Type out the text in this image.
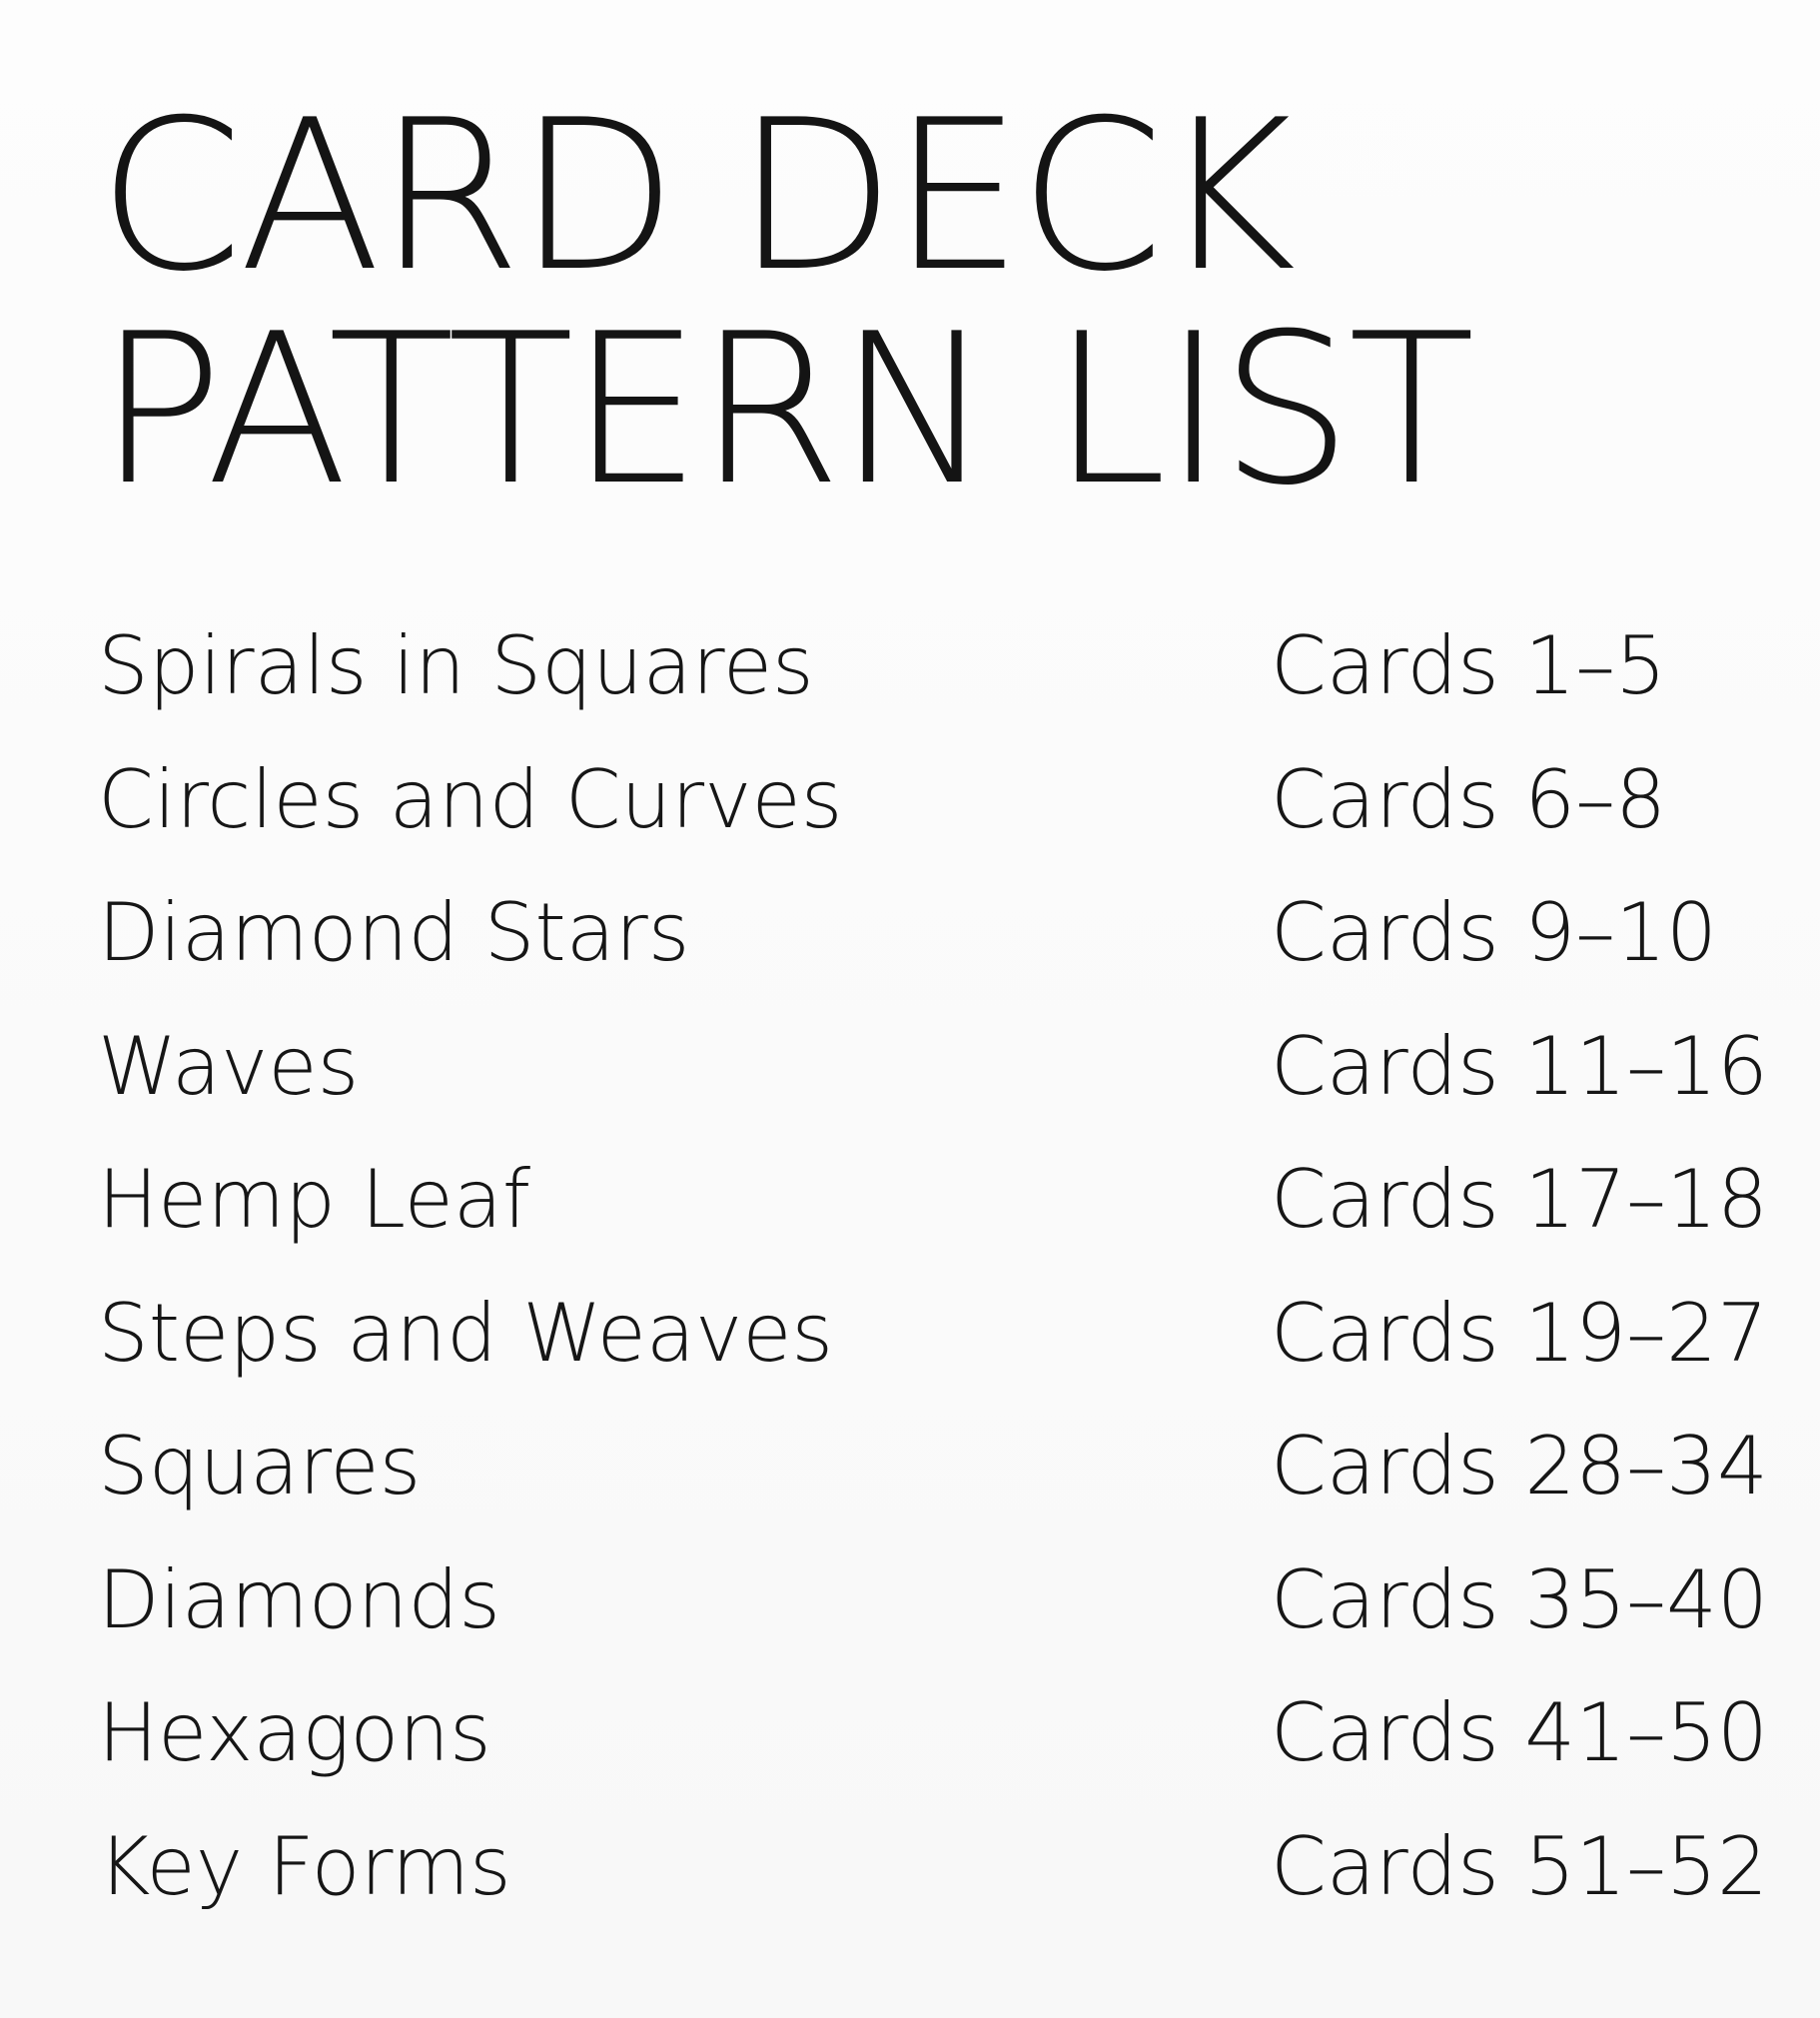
CARD DECK
PATTERN LIST
Spirals in Squares	Cards 1–5
Circles and Curves	Cards 6–8
Diamond Stars	Cards 9–10
Waves	Cards 11–16
Hemp Leaf	Cards 17–18
Steps and Weaves	Cards 19–27
Squares	Cards 28–34
Diamonds	Cards 35–40
Hexagons	Cards 41–50
Key Forms	Cards 51–52
